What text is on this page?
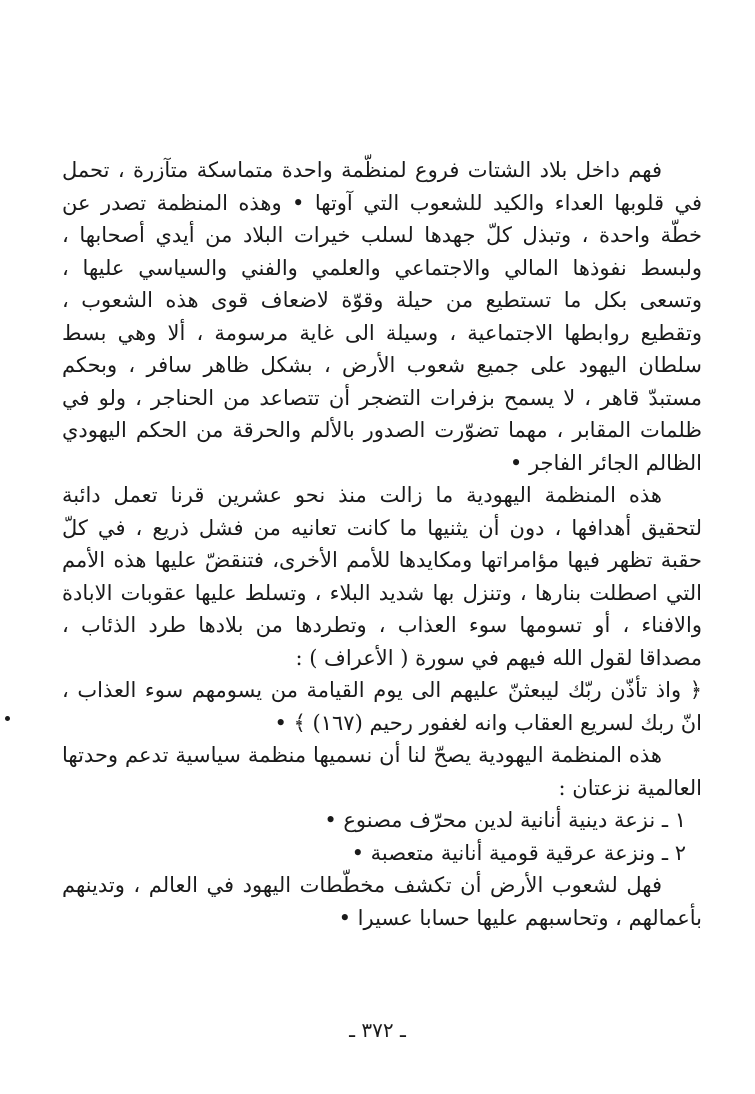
فهم داخل بلاد الشتات فروع لمنظّمة واحدة متماسكة متآزرة ، تحمل في قلوبها العداء والكيد للشعوب التي آوتها • وهذه المنظمة تصدر عن خطّة واحدة ، وتبذل كلّ جهدها لسلب خيرات البلاد من أيدي أصحابها ، ولبسط نفوذها المالي والاجتماعي والعلمي والفني والسياسي عليها ، وتسعى بكل ما تستطيع من حيلة وقوّة لاضعاف قوى هذه الشعوب ، وتقطيع روابطها الاجتماعية ، وسيلة الى غاية مرسومة ، ألا وهي بسط سلطان اليهود على جميع شعوب الأرض ، بشكل ظاهر سافر ، وبحكم مستبدّ قاهر ، لا يسمح بزفرات التضجر أن تتصاعد من الحناجر ، ولو في ظلمات المقابر ، مهما تضوّرت الصدور بالألم والحرقة من الحكم اليهودي الظالم الجائر الفاجر •

هذه المنظمة اليهودية ما زالت منذ نحو عشرين قرنا تعمل دائبة لتحقيق أهدافها ، دون أن يثنيها ما كانت تعانيه من فشل ذريع ، في كلّ حقبة تظهر فيها مؤامراتها ومكايدها للأمم الأخرى، فتنقضّ عليها هذه الأمم التي اصطلت بنارها ، وتنزل بها شديد البلاء ، وتسلط عليها عقوبات الابادة والافناء ، أو تسومها سوء العذاب ، وتطردها من بلادها طرد الذئاب ، مصداقا لقول الله فيهم في سورة ( الأعراف ) :

﴿ واذ تأذّن ربّك ليبعثنّ عليهم الى يوم القيامة من يسومهم سوء العذاب ، انّ ربك لسريع العقاب وانه لغفور رحيم (١٦٧) ﴾ •

هذه المنظمة اليهودية يصحّ لنا أن نسميها منظمة سياسية تدعم وحدتها العالمية نزعتان :

١ ـ نزعة دينية أنانية لدين محرّف مصنوع •

٢ ـ ونزعة عرقية قومية أنانية متعصبة •

فهل لشعوب الأرض أن تكشف مخطّطات اليهود في العالم ، وتدينهم بأعمالهم ، وتحاسبهم عليها حسابا عسيرا •

ـ ٣٧٢ ـ
